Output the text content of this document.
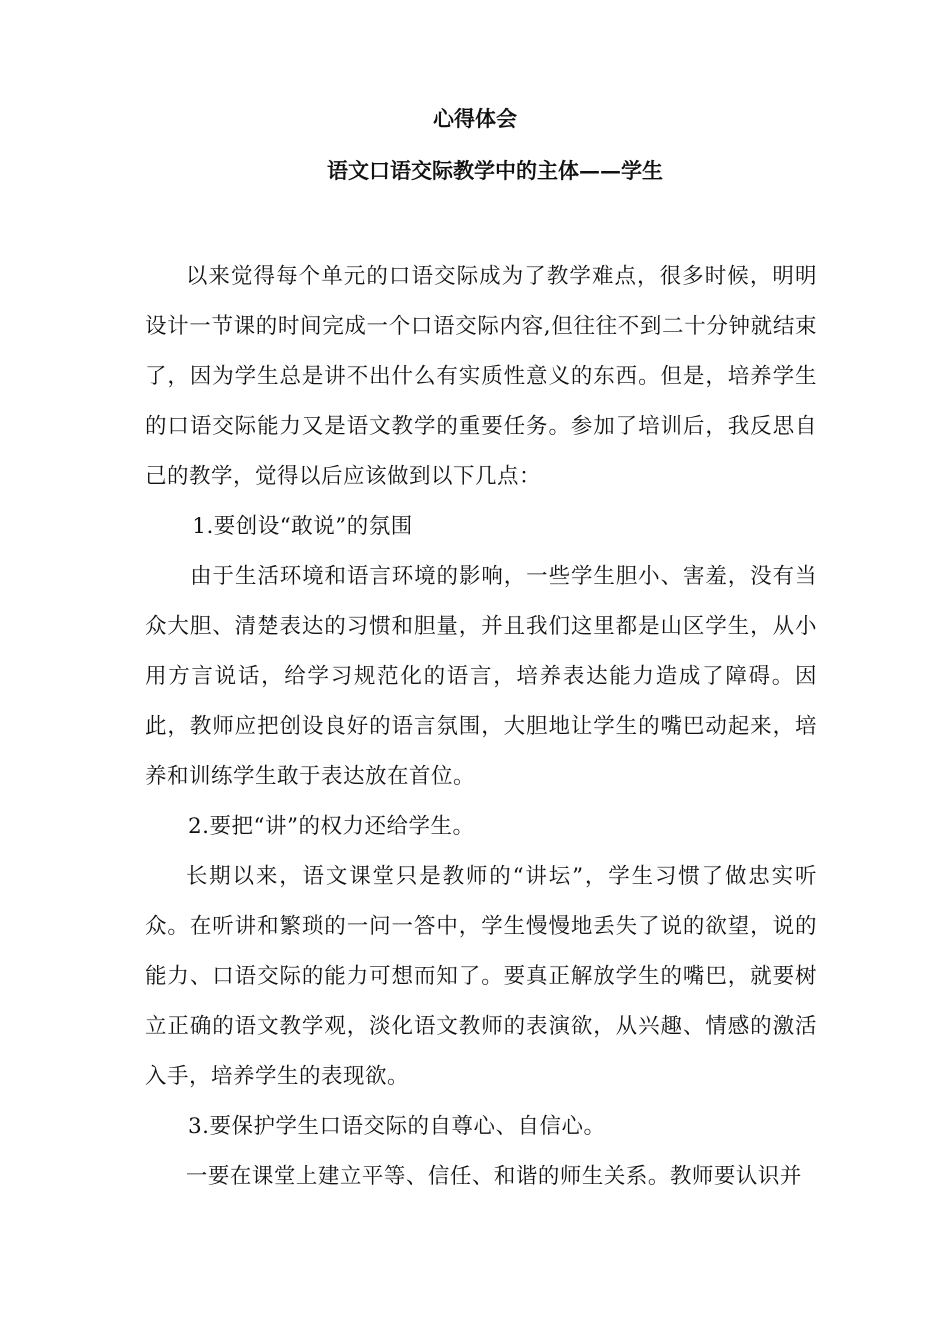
心得体会
语文口语交际教学中的主体——学生

以来觉得每个单元的口语交际成为了教学难点，很多时候，明明设计一节课的时间完成一个口语交际内容,但往往不到二十分钟就结束了，因为学生总是讲不出什么有实质性意义的东西。但是，培养学生的口语交际能力又是语文教学的重要任务。参加了培训后，我反思自己的教学，觉得以后应该做到以下几点：

1.要创设“敢说”的氛围

由于生活环境和语言环境的影响，一些学生胆小、害羞，没有当众大胆、清楚表达的习惯和胆量，并且我们这里都是山区学生，从小用方言说话，给学习规范化的语言，培养表达能力造成了障碍。因此，教师应把创设良好的语言氛围，大胆地让学生的嘴巴动起来，培养和训练学生敢于表达放在首位。

2.要把“讲”的权力还给学生。

长期以来，语文课堂只是教师的“讲坛”，学生习惯了做忠实听众。在听讲和繁琐的一问一答中，学生慢慢地丢失了说的欲望，说的能力、口语交际的能力可想而知了。要真正解放学生的嘴巴，就要树立正确的语文教学观，淡化语文教师的表演欲，从兴趣、情感的激活入手，培养学生的表现欲。

3.要保护学生口语交际的自尊心、自信心。

一要在课堂上建立平等、信任、和谐的师生关系。教师要认识并
